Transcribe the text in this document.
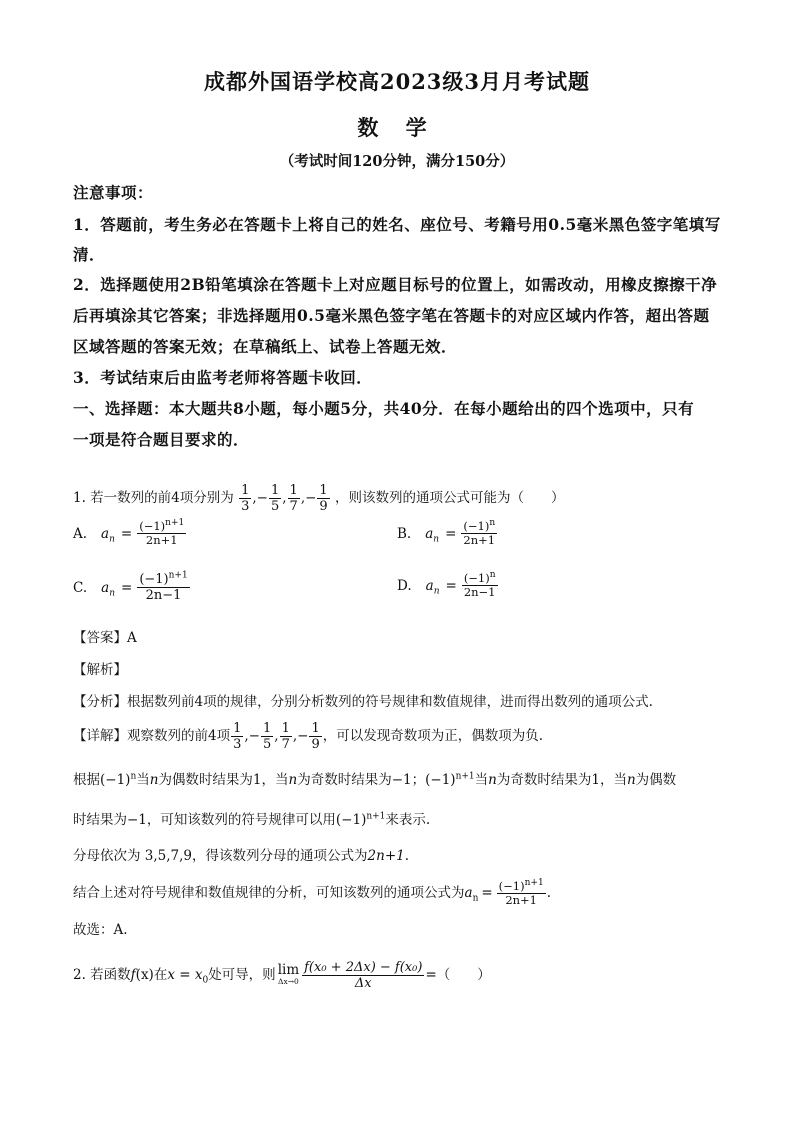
成都外国语学校高2023级3月月考试题
数 学
（考试时间120分钟，满分150分）
注意事项：
1．答题前，考生务必在答题卡上将自己的姓名、座位号、考籍号用0.5毫米黑色签字笔填写
清．
2．选择题使用2B铅笔填涂在答题卡上对应题目标号的位置上，如需改动，用橡皮擦擦干净
后再填涂其它答案；非选择题用0.5毫米黑色签字笔在答题卡的对应区域内作答，超出答题
区域答题的答案无效；在草稿纸上、试卷上答题无效．
3．考试结束后由监考老师将答题卡收回．
一、选择题：本大题共8小题，每小题5分，共40分．在每小题给出的四个选项中，只有
一项是符合题目要求的．
1. 若一数列的前4项分别为 $\frac{1}{3}$ ,− $\frac{1}{5}$ , $\frac{1}{7}$ ,− $\frac{1}{9}$ ，则该数列的通项公式可能为（　　）
A. $a_n = \frac{(-1)^{n+1}}{2n+1}$	B. $a_n = \frac{(-1)^n}{2n+1}$
C. $a_n = \frac{(-1)^{n+1}}{2n-1}$	D. $a_n = \frac{(-1)^n}{2n-1}$
【答案】A
【解析】
【分析】根据数列前4项的规律，分别分析数列的符号规律和数值规律，进而得出数列的通项公式.
【详解】观察数列的前4项 $\frac{1}{3}$ ,− $\frac{1}{5}$ , $\frac{1}{7}$ ,− $\frac{1}{9}$ ，可以发现奇数项为正，偶数项为负.
根据$(-1)^n$当n为偶数时结果为1，当n为奇数时结果为−1；$(-1)^{n+1}$当n为奇数时结果为1，当n为偶数
时结果为−1，可知该数列的符号规律可以用$(-1)^{n+1}$来表示.
分母依次为 3,5,7,9，得该数列分母的通项公式为2n+1.
结合上述对符号规律和数值规律的分析，可知该数列的通项公式为$a_n = \frac{(-1)^{n+1}}{2n+1}$ .
故选：A.
2. 若函数f(x)在$x = x_0$处可导，则 lim
$\Delta x\to 0 \frac{\text{f(x₀ + 2Δx) − f(x₀)}}{\Delta x}$ =（　　）
